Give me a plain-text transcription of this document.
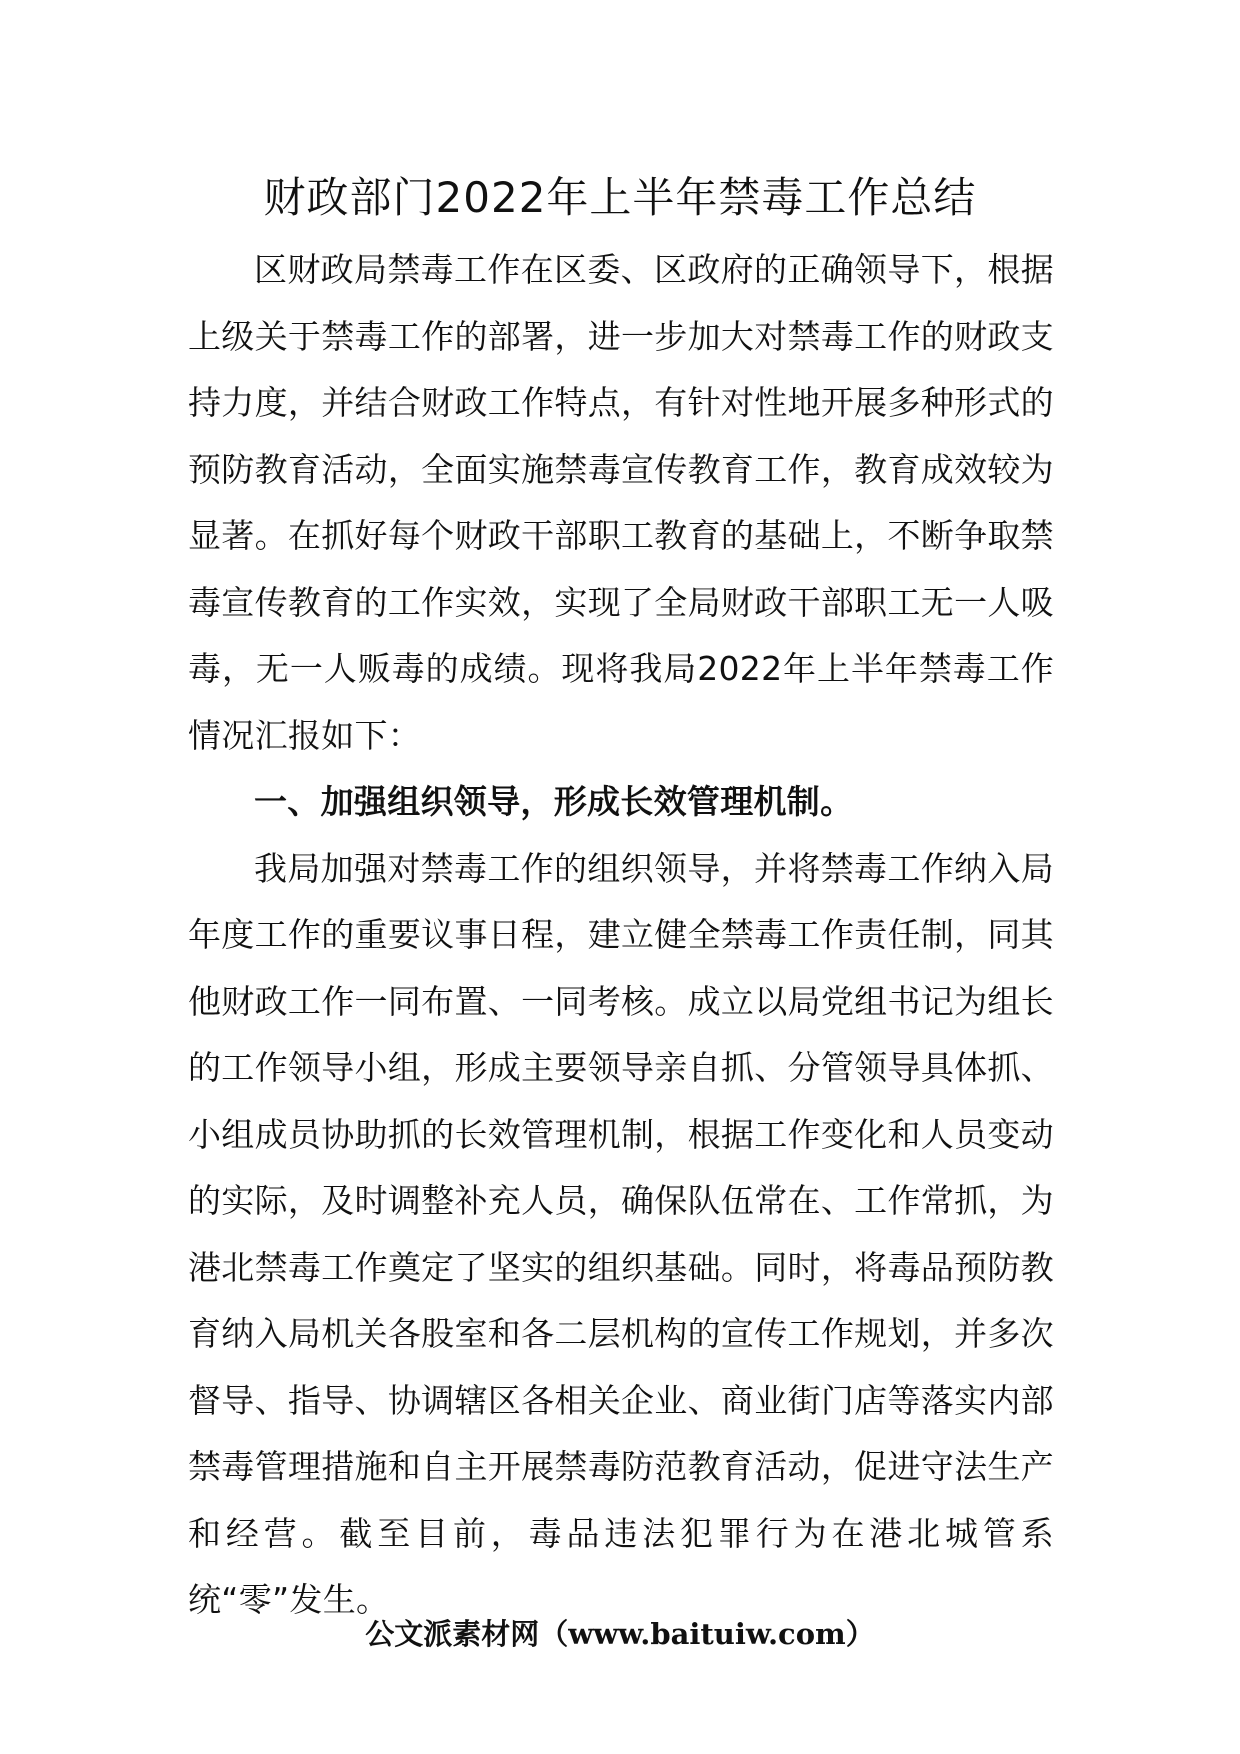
财政部门2022年上半年禁毒工作总结

区财政局禁毒工作在区委、区政府的正确领导下，根据上级关于禁毒工作的部署，进一步加大对禁毒工作的财政支持力度，并结合财政工作特点，有针对性地开展多种形式的预防教育活动，全面实施禁毒宣传教育工作，教育成效较为显著。在抓好每个财政干部职工教育的基础上，不断争取禁毒宣传教育的工作实效，实现了全局财政干部职工无一人吸毒，无一人贩毒的成绩。现将我局2022年上半年禁毒工作情况汇报如下：

一、加强组织领导，形成长效管理机制。

我局加强对禁毒工作的组织领导，并将禁毒工作纳入局年度工作的重要议事日程，建立健全禁毒工作责任制，同其他财政工作一同布置、一同考核。成立以局党组书记为组长的工作领导小组，形成主要领导亲自抓、分管领导具体抓、小组成员协助抓的长效管理机制，根据工作变化和人员变动的实际，及时调整补充人员，确保队伍常在、工作常抓，为港北禁毒工作奠定了坚实的组织基础。同时，将毒品预防教育纳入局机关各股室和各二层机构的宣传工作规划，并多次督导、指导、协调辖区各相关企业、商业街门店等落实内部禁毒管理措施和自主开展禁毒防范教育活动，促进守法生产和经营。截至目前，毒品违法犯罪行为在港北城管系统“零”发生。

公文派素材网（www.baituiw.com）
